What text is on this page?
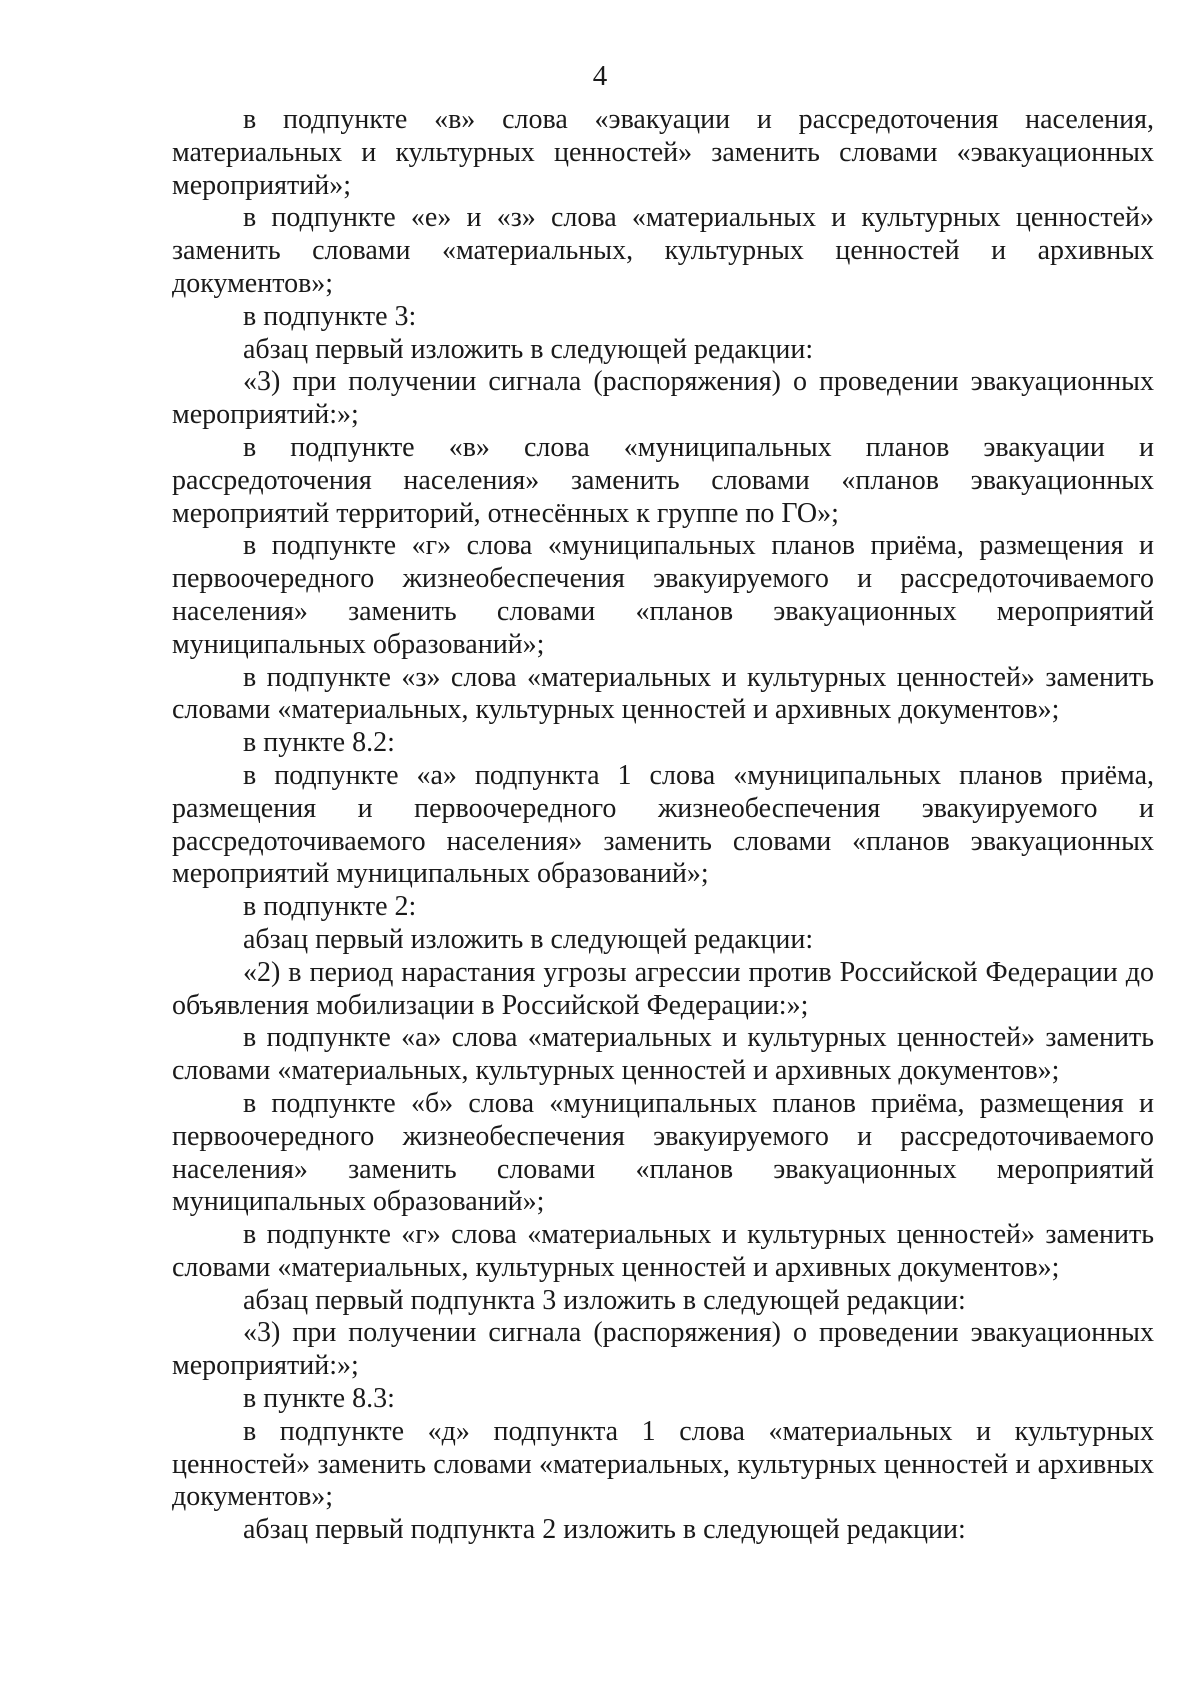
4

в подпункте «в» слова «эвакуации и рассредоточения населения, материальных и культурных ценностей» заменить словами «эвакуационных мероприятий»;

в подпункте «е» и «з» слова «материальных и культурных ценностей» заменить словами «материальных, культурных ценностей и архивных документов»;

в подпункте 3:

абзац первый изложить в следующей редакции:

«3) при получении сигнала (распоряжения) о проведении эвакуационных мероприятий:»;

в подпункте «в» слова «муниципальных планов эвакуации и рассредоточения населения» заменить словами «планов эвакуационных мероприятий территорий, отнесённых к группе по ГО»;

в подпункте «г» слова «муниципальных планов приёма, размещения и первоочередного жизнеобеспечения эвакуируемого и рассредоточиваемого населения» заменить словами «планов эвакуационных мероприятий муниципальных образований»;

в подпункте «з» слова «материальных и культурных ценностей» заменить словами «материальных, культурных ценностей и архивных документов»;

в пункте 8.2:

в подпункте «а» подпункта 1 слова «муниципальных планов приёма, размещения и первоочередного жизнеобеспечения эвакуируемого и рассредоточиваемого населения» заменить словами «планов эвакуационных мероприятий муниципальных образований»;

в подпункте 2:

абзац первый изложить в следующей редакции:

«2) в период нарастания угрозы агрессии против Российской Федерации до объявления мобилизации в Российской Федерации:»;

в подпункте «а» слова «материальных и культурных ценностей» заменить словами «материальных, культурных ценностей и архивных документов»;

в подпункте «б» слова «муниципальных планов приёма, размещения и первоочередного жизнеобеспечения эвакуируемого и рассредоточиваемого населения» заменить словами «планов эвакуационных мероприятий муниципальных образований»;

в подпункте «г» слова «материальных и культурных ценностей» заменить словами «материальных, культурных ценностей и архивных документов»;

абзац первый подпункта 3 изложить в следующей редакции:

«3) при получении сигнала (распоряжения) о проведении эвакуационных мероприятий:»;

в пункте 8.3:

в подпункте «д» подпункта 1 слова «материальных и культурных ценностей» заменить словами «материальных, культурных ценностей и архивных документов»;

абзац первый подпункта 2 изложить в следующей редакции:
